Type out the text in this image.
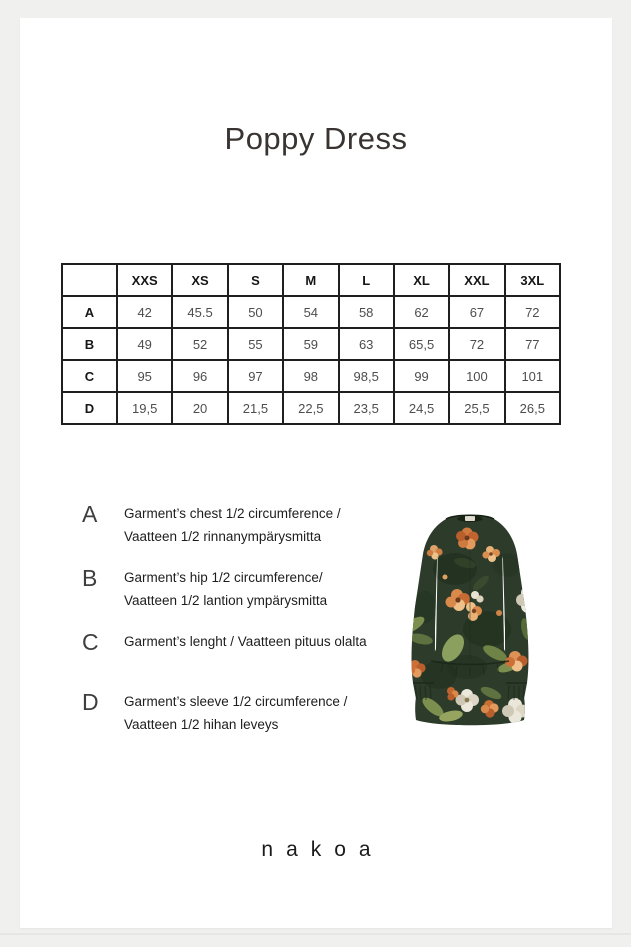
Poppy Dress
	XXS	XS	S	M	L	XL	XXL	3XL
A	42	45.5	50	54	58	62	67	72
B	49	52	55	59	63	65,5	72	77
C	95	96	97	98	98,5	99	100	101
D	19,5	20	21,5	22,5	23,5	24,5	25,5	26,5
A	Garment’s chest 1/2 circumference /
Vaatteen 1/2 rinnanympärysmitta
B	Garment’s hip 1/2 circumference/
Vaatteen 1/2 lantion ympärysmitta
C	Garment’s lenght / Vaatteen pituus olalta
D	Garment’s sleeve 1/2 circumference /
Vaatteen 1/2 hihan leveys
nakoa
